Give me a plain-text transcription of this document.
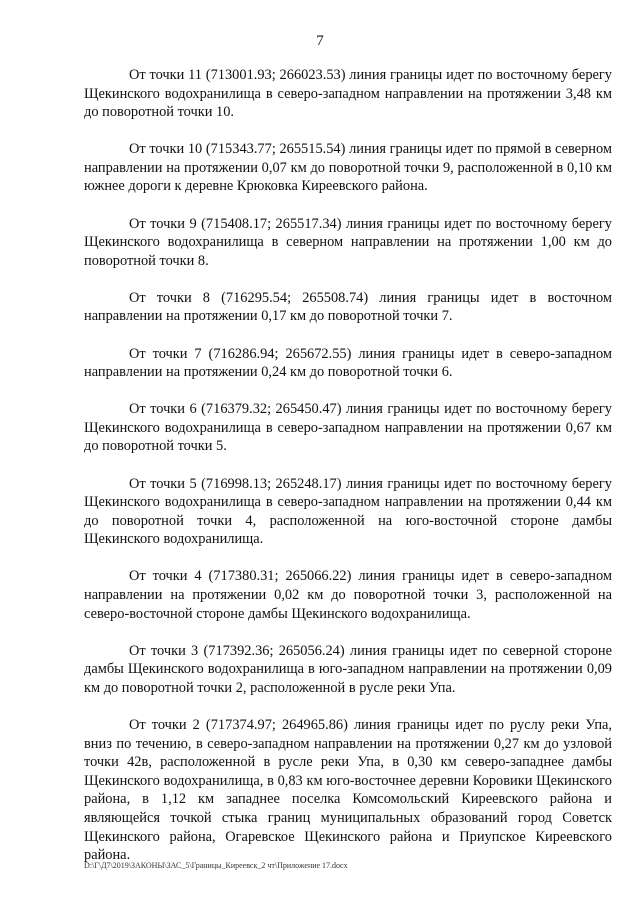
7

От точки 11 (713001.93; 266023.53) линия границы идет по восточному берегу Щекинского водохранилища в северо-западном направлении на протяжении 3,48 км до поворотной точки 10.

От точки 10 (715343.77; 265515.54) линия границы идет по прямой в северном направлении на протяжении 0,07 км до поворотной точки 9, расположенной в 0,10 км южнее дороги к деревне Крюковка Киреевского района.

От точки 9 (715408.17; 265517.34) линия границы идет по восточному берегу Щекинского водохранилища в северном направлении на протяжении 1,00 км до поворотной точки 8.

От точки 8 (716295.54; 265508.74) линия границы идет в восточном направлении на протяжении 0,17 км до поворотной точки 7.

От точки 7 (716286.94; 265672.55) линия границы идет в северо-западном направлении на протяжении 0,24 км до поворотной точки 6.

От точки 6 (716379.32; 265450.47) линия границы идет по восточному берегу Щекинского водохранилища в северо-западном направлении на протяжении 0,67 км до поворотной точки 5.

От точки 5 (716998.13; 265248.17) линия границы идет по восточному берегу Щекинского водохранилища в северо-западном направлении на протяжении 0,44 км до поворотной точки 4, расположенной на юго-восточной стороне дамбы Щекинского водохранилища.

От точки 4 (717380.31; 265066.22) линия границы идет в северо-западном направлении на протяжении 0,02 км до поворотной точки 3, расположенной на северо-восточной стороне дамбы Щекинского водохранилища.

От точки 3 (717392.36; 265056.24) линия границы идет по северной стороне дамбы Щекинского водохранилища в юго-западном направлении на протяжении 0,09 км до поворотной точки 2, расположенной в русле реки Упа.

От точки 2 (717374.97; 264965.86) линия границы идет по руслу реки Упа, вниз по течению, в северо-западном направлении на протяжении 0,27 км до узловой точки 42в, расположенной в русле реки Упа, в 0,30 км северо-западнее дамбы Щекинского водохранилища, в 0,83 км юго-восточнее деревни Коровики Щекинского района, в 1,12 км западнее поселка Комсомольский Киреевского района и являющейся точкой стыка границ муниципальных образований город Советск Щекинского района, Огаревское Щекинского района и Приупское Киреевского района.

D:\Г\Д7\2019\ЗАКОНЫ\ЗАС_5\Границы_Киреевск_2 чт\Приложение 17.docx
